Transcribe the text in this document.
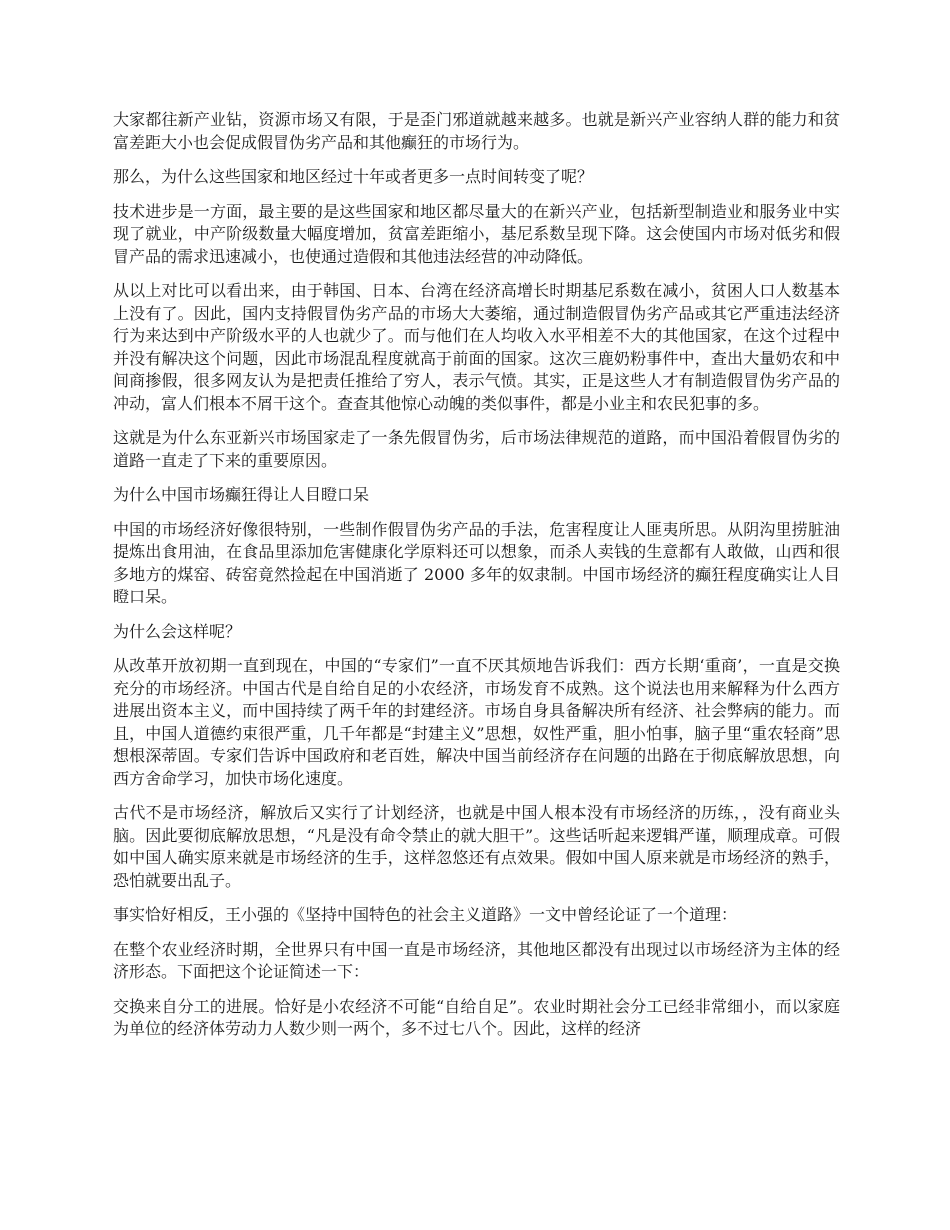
大家都往新产业钻，资源市场又有限，于是歪门邪道就越来越多。也就是新兴产业容纳人群的能力和贫富差距大小也会促成假冒伪劣产品和其他癫狂的市场行为。

那么，为什么这些国家和地区经过十年或者更多一点时间转变了呢？

技术进步是一方面，最主要的是这些国家和地区都尽量大的在新兴产业，包括新型制造业和服务业中实现了就业，中产阶级数量大幅度增加，贫富差距缩小，基尼系数呈现下降。这会使国内市场对低劣和假冒产品的需求迅速减小，也使通过造假和其他违法经营的冲动降低。

从以上对比可以看出来，由于韩国、日本、台湾在经济高增长时期基尼系数在减小，贫困人口人数基本上没有了。因此，国内支持假冒伪劣产品的市场大大萎缩，通过制造假冒伪劣产品或其它严重违法经济行为来达到中产阶级水平的人也就少了。而与他们在人均收入水平相差不大的其他国家，在这个过程中并没有解决这个问题，因此市场混乱程度就高于前面的国家。这次三鹿奶粉事件中，查出大量奶农和中间商掺假，很多网友认为是把责任推给了穷人，表示气愤。其实，正是这些人才有制造假冒伪劣产品的冲动，富人们根本不屑干这个。查查其他惊心动魄的类似事件，都是小业主和农民犯事的多。

这就是为什么东亚新兴市场国家走了一条先假冒伪劣，后市场法律规范的道路，而中国沿着假冒伪劣的道路一直走了下来的重要原因。

为什么中国市场癫狂得让人目瞪口呆

中国的市场经济好像很特别，一些制作假冒伪劣产品的手法，危害程度让人匪夷所思。从阴沟里捞脏油提炼出食用油，在食品里添加危害健康化学原料还可以想象，而杀人卖钱的生意都有人敢做，山西和很多地方的煤窑、砖窑竟然捡起在中国消逝了 2000 多年的奴隶制。中国市场经济的癫狂程度确实让人目瞪口呆。

为什么会这样呢？

从改革开放初期一直到现在，中国的“专家们”一直不厌其烦地告诉我们：西方长期‘重商’，一直是交换充分的市场经济。中国古代是自给自足的小农经济，市场发育不成熟。这个说法也用来解释为什么西方进展出资本主义，而中国持续了两千年的封建经济。市场自身具备解决所有经济、社会弊病的能力。而且，中国人道德约束很严重，几千年都是“封建主义”思想，奴性严重，胆小怕事，脑子里“重农轻商”思想根深蒂固。专家们告诉中国政府和老百姓，解决中国当前经济存在问题的出路在于彻底解放思想，向西方舍命学习，加快市场化速度。

古代不是市场经济，解放后又实行了计划经济，也就是中国人根本没有市场经济的历练，，没有商业头脑。因此要彻底解放思想，“凡是没有命令禁止的就大胆干”。这些话听起来逻辑严谨，顺理成章。可假如中国人确实原来就是市场经济的生手，这样忽悠还有点效果。假如中国人原来就是市场经济的熟手，恐怕就要出乱子。

事实恰好相反，王小强的《坚持中国特色的社会主义道路》一文中曾经论证了一个道理：

在整个农业经济时期，全世界只有中国一直是市场经济，其他地区都没有出现过以市场经济为主体的经济形态。下面把这个论证简述一下：

交换来自分工的进展。恰好是小农经济不可能“自给自足”。农业时期社会分工已经非常细小，而以家庭为单位的经济体劳动力人数少则一两个，多不过七八个。因此，这样的经济
